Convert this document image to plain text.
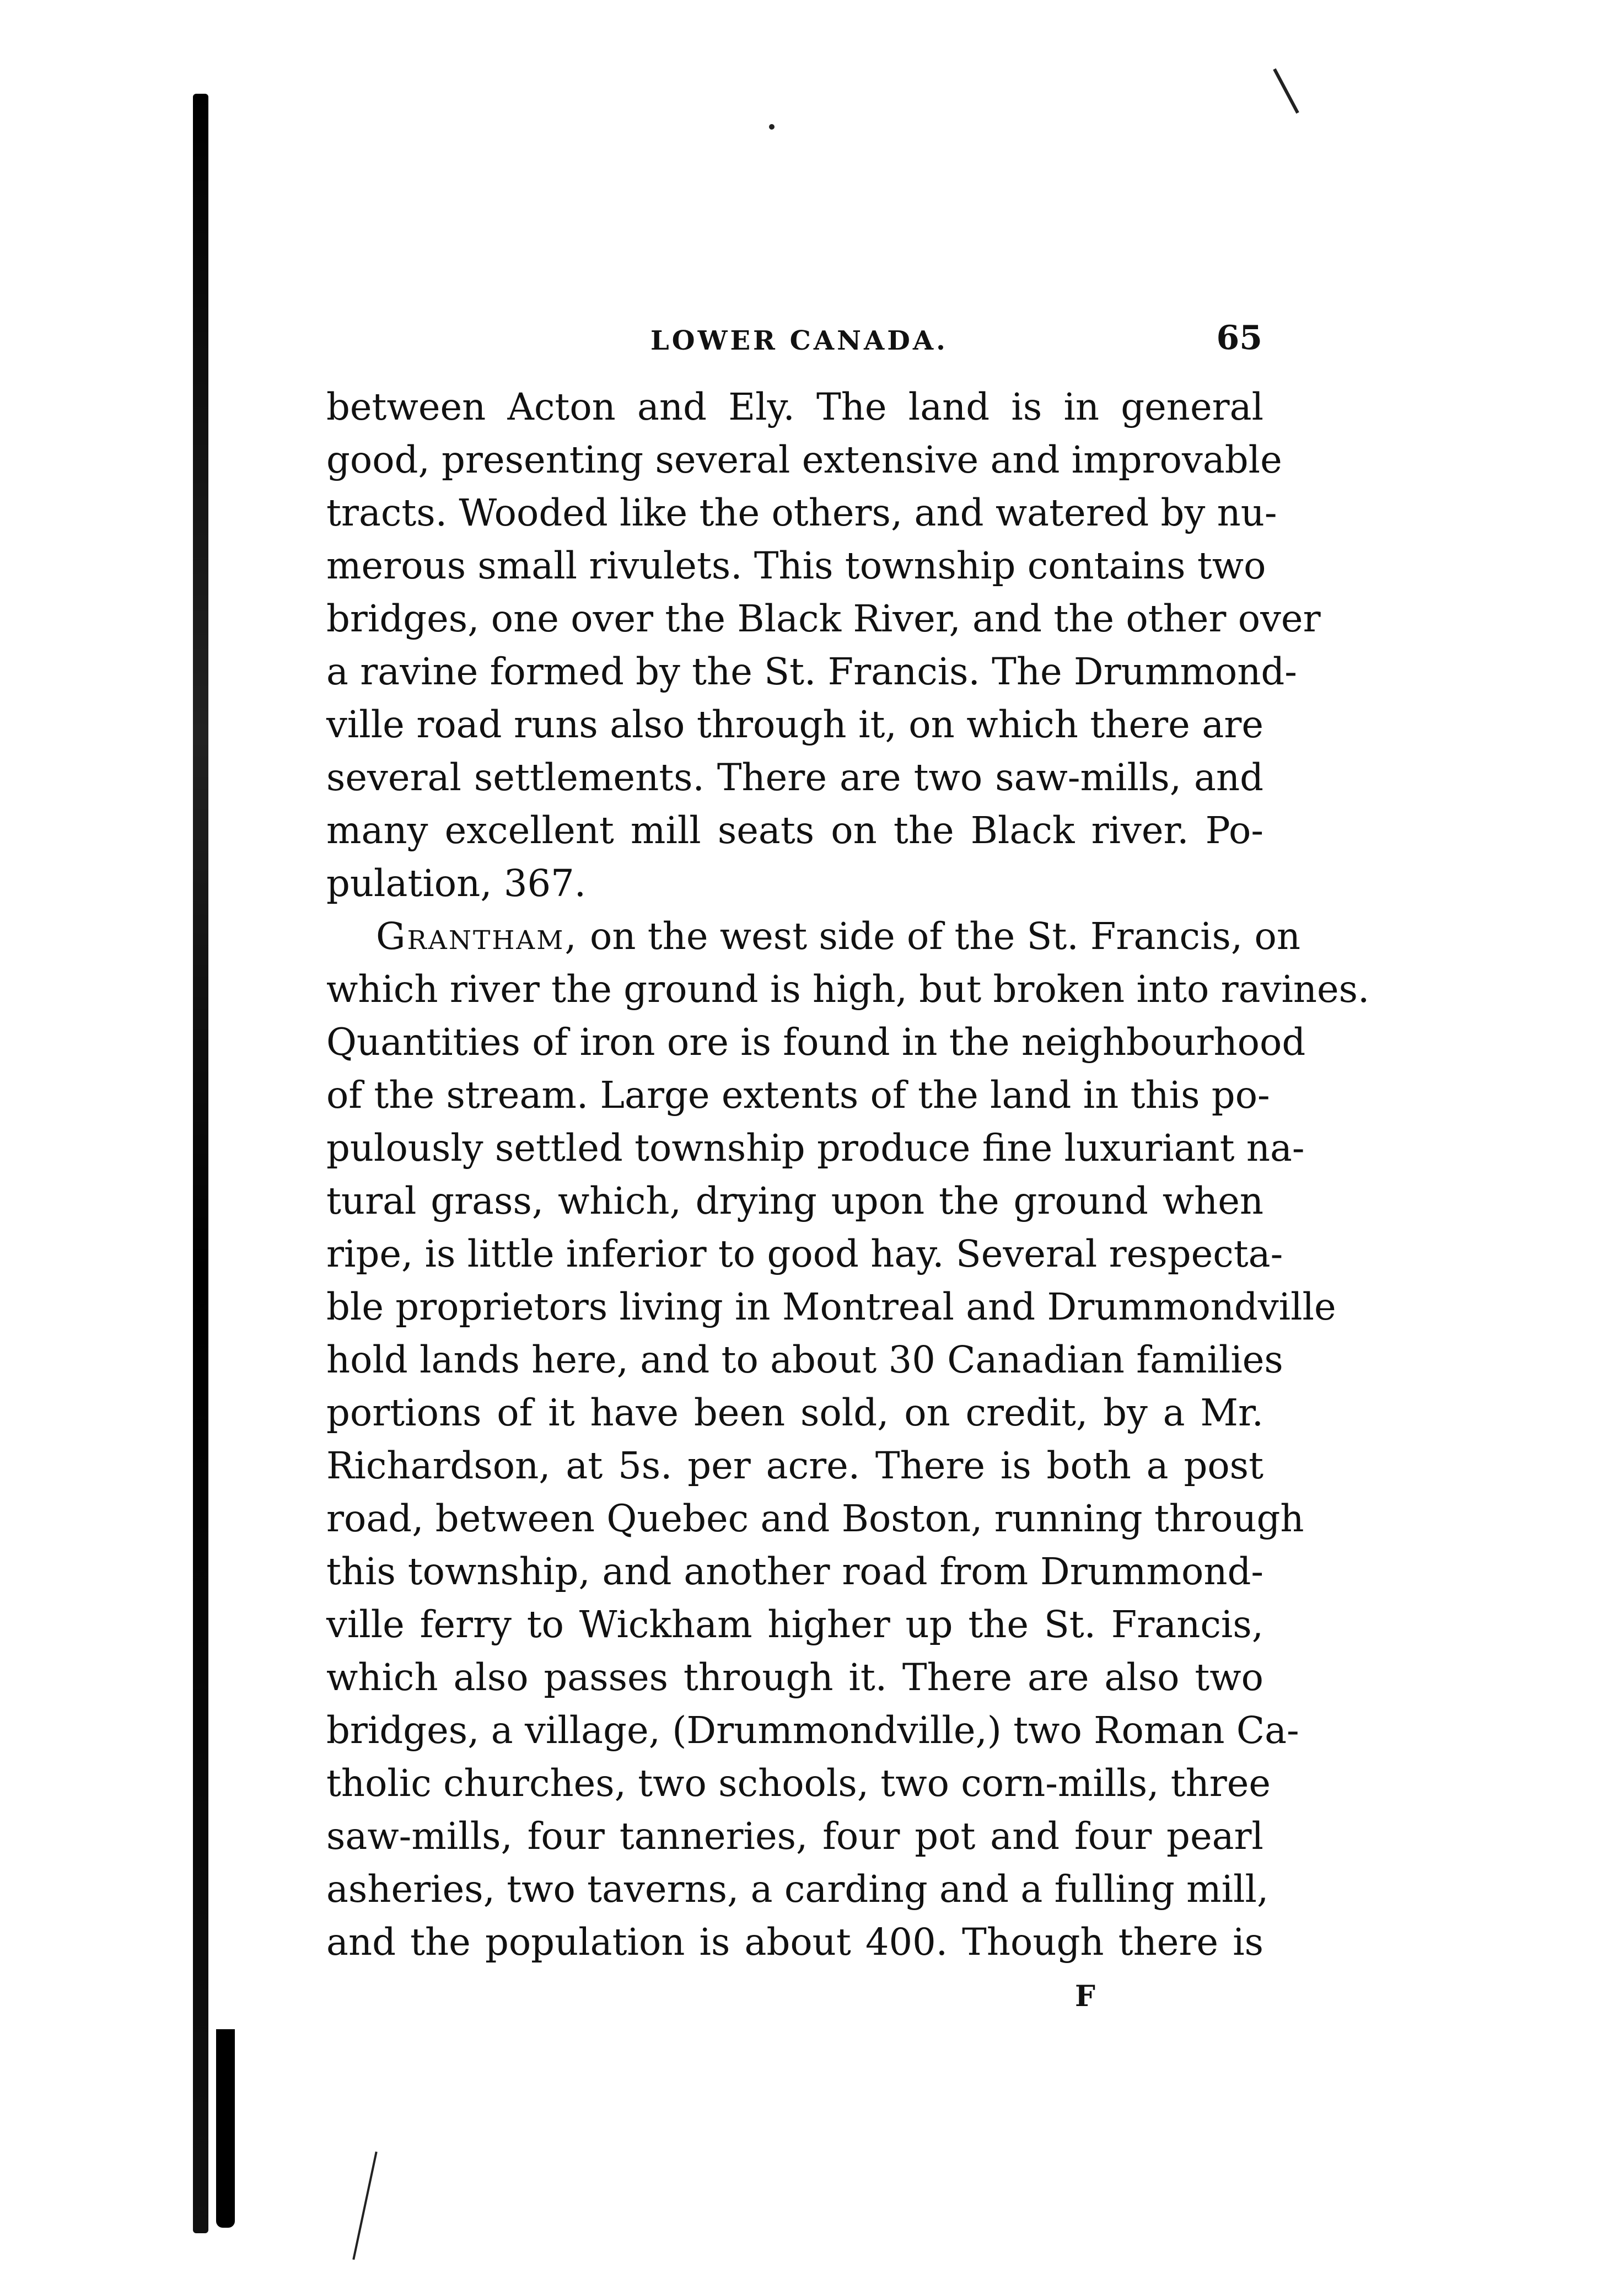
LOWER CANADA.	65
between Acton and Ely. The land is in general
good, presenting several extensive and improvable
tracts. Wooded like the others, and watered by nu-
merous small rivulets. This township contains two
bridges, one over the Black River, and the other over
a ravine formed by the St. Francis. The Drummond-
ville road runs also through it, on which there are
several settlements. There are two saw-mills, and
many excellent mill seats on the Black river. Po-
pulation, 367.
Grantham, on the west side of the St. Francis, on
which river the ground is high, but broken into ravines.
Quantities of iron ore is found in the neighbourhood
of the stream. Large extents of the land in this po-
pulously settled township produce fine luxuriant na-
tural grass, which, drying upon the ground when
ripe, is little inferior to good hay. Several respecta-
ble proprietors living in Montreal and Drummondville
hold lands here, and to about 30 Canadian families
portions of it have been sold, on credit, by a Mr.
Richardson, at 5s. per acre. There is both a post
road, between Quebec and Boston, running through
this township, and another road from Drummond-
ville ferry to Wickham higher up the St. Francis,
which also passes through it. There are also two
bridges, a village, (Drummondville,) two Roman Ca-
tholic churches, two schools, two corn-mills, three
saw-mills, four tanneries, four pot and four pearl
asheries, two taverns, a carding and a fulling mill,
and the population is about 400. Though there is
F
